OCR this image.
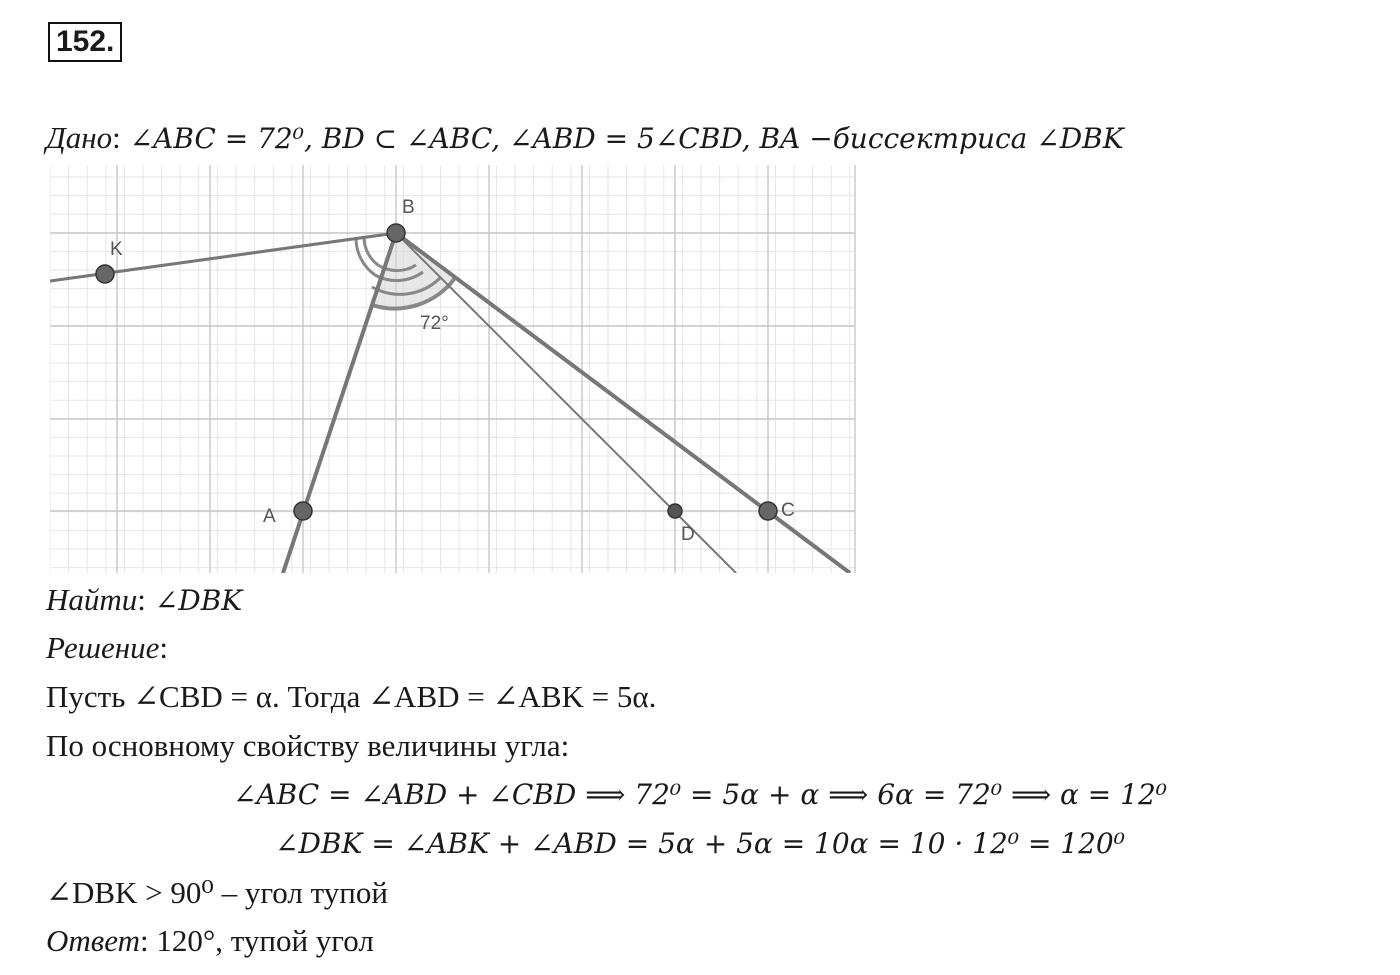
152.
Дано: ∠ABC = 72⁰, BD ⊂ ∠ABC, ∠ABD = 5∠CBD, BA −биссектриса ∠DBK
K
B
A
D
C
72°
Найти: ∠DBK
Решение:
Пусть ∠CBD = α. Тогда ∠ABD = ∠ABK = 5α.
По основному свойству величины угла:
∠ABC = ∠ABD + ∠CBD ⟹ 72⁰ = 5α + α ⟹ 6α = 72⁰ ⟹ α = 12⁰
∠DBK = ∠ABK + ∠ABD = 5α + 5α = 10α = 10 · 12⁰ = 120⁰
∠DBK > 90⁰ – угол тупой
Ответ: 120°, тупой угол
